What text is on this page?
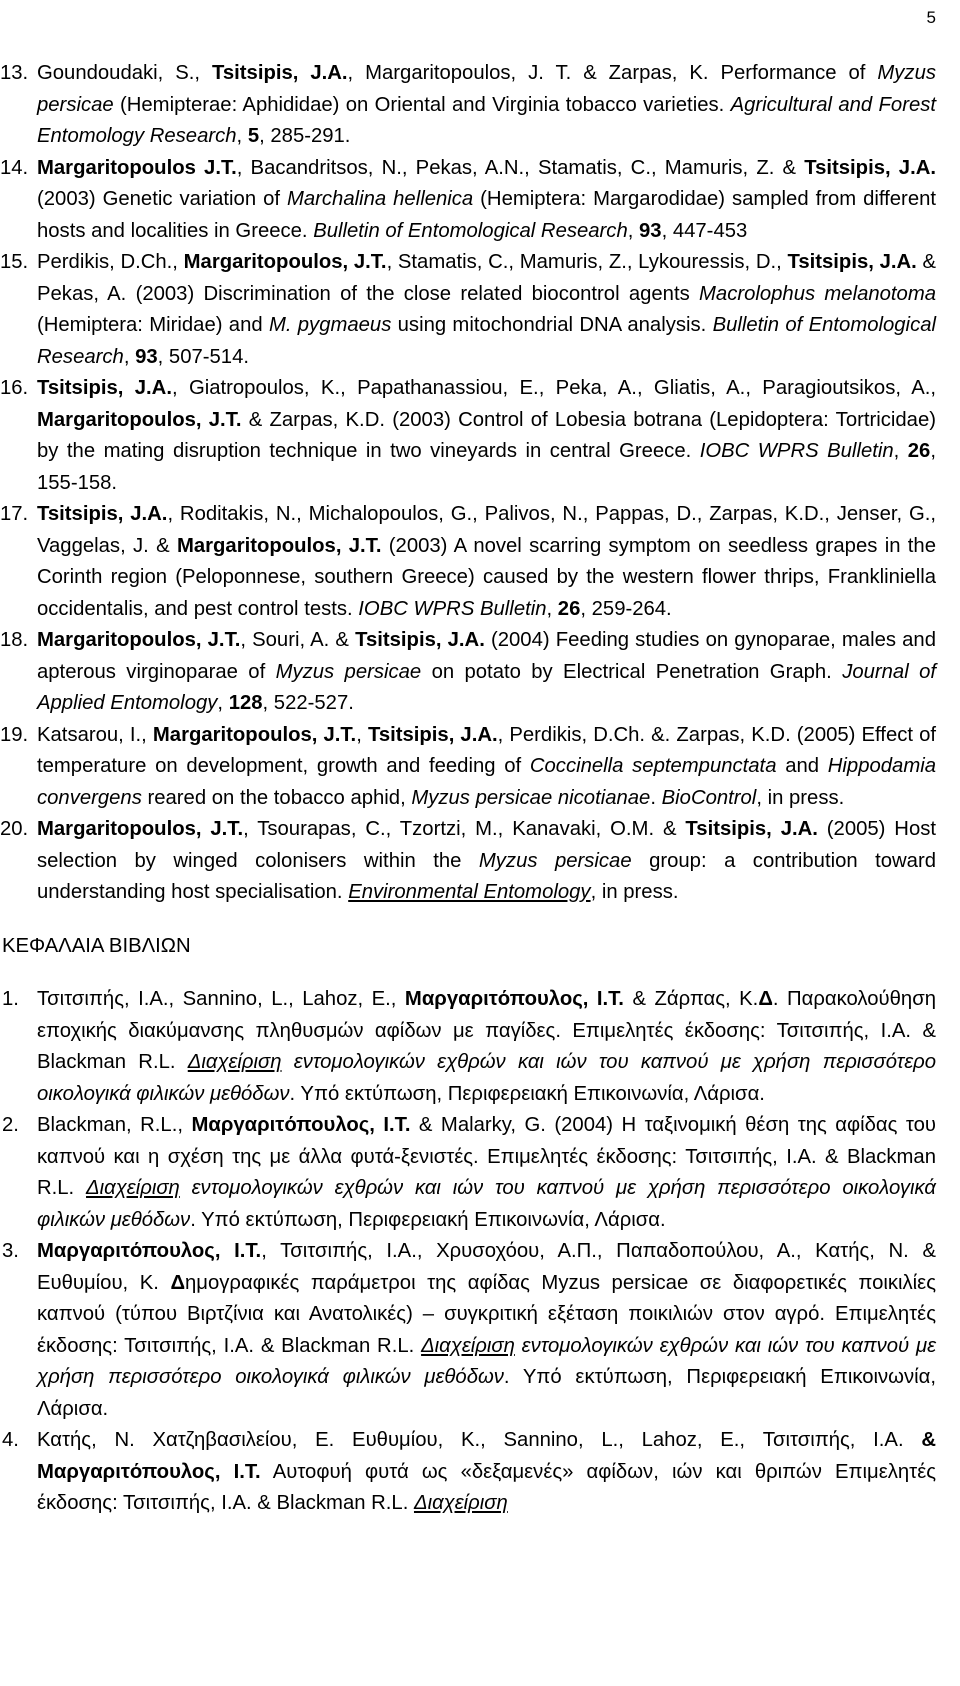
5
13. Goundoudaki, S., Tsitsipis, J.A., Margaritopoulos, J. T. & Zarpas, K. Performance of Myzus persicae (Hemipterae: Aphididae) on Oriental and Virginia tobacco varieties. Agricultural and Forest Entomology Research, 5, 285-291.
14. Margaritopoulos J.T., Bacandritsos, N., Pekas, A.N., Stamatis, C., Mamuris, Z. & Tsitsipis, J.A. (2003) Genetic variation of Marchalina hellenica (Hemiptera: Margarodidae) sampled from different hosts and localities in Greece. Bulletin of Entomological Research, 93, 447-453
15. Perdikis, D.Ch., Margaritopoulos, J.T., Stamatis, C., Mamuris, Z., Lykouressis, D., Tsitsipis, J.A. & Pekas, A. (2003) Discrimination of the close related biocontrol agents Macrolophus melanotoma (Hemiptera: Miridae) and M. pygmaeus using mitochondrial DNA analysis. Bulletin of Entomological Research, 93, 507-514.
16. Tsitsipis, J.A., Giatropoulos, K., Papathanassiou, E., Peka, A., Gliatis, A., Paragioutsikos, A., Margaritopoulos, J.T. & Zarpas, K.D. (2003) Control of Lobesia botrana (Lepidoptera: Tortricidae) by the mating disruption technique in two vineyards in central Greece. IOBC WPRS Bulletin, 26, 155-158.
17. Tsitsipis, J.A., Roditakis, N., Michalopoulos, G., Palivos, N., Pappas, D., Zarpas, K.D., Jenser, G., Vaggelas, J. & Margaritopoulos, J.T. (2003) A novel scarring symptom on seedless grapes in the Corinth region (Peloponnese, southern Greece) caused by the western flower thrips, Frankliniella occidentalis, and pest control tests. IOBC WPRS Bulletin, 26, 259-264.
18. Margaritopoulos, J.T., Souri, A. & Tsitsipis, J.A. (2004) Feeding studies on gynoparae, males and apterous virginoparae of Myzus persicae on potato by Electrical Penetration Graph. Journal of Applied Entomology, 128, 522-527.
19. Katsarou, I., Margaritopoulos, J.T., Tsitsipis, J.A., Perdikis, D.Ch. &. Zarpas, K.D. (2005) Effect of temperature on development, growth and feeding of Coccinella septempunctata and Hippodamia convergens reared on the tobacco aphid, Myzus persicae nicotianae. BioControl, in press.
20. Margaritopoulos, J.T., Tsourapas, C., Tzortzi, M., Kanavaki, O.M. & Tsitsipis, J.A. (2005) Host selection by winged colonisers within the Myzus persicae group: a contribution toward understanding host specialisation. Environmental Entomology, in press.
ΚΕΦΑΛΑΙΑ ΒΙΒΛΙΩΝ
1. Τσιτσιπής, Ι.Α., Sannino, L., Lahoz, E., Μαργαριτόπουλος, Ι.Τ. & Ζάρπας, Κ.Δ. Παρακολούθηση εποχικής διακύμανσης πληθυσμών αφίδων με παγίδες. Επιμελητές έκδοσης: Τσιτσιπής, Ι.Α. & Blackman R.L. Διαχείριση εντομολογικών εχθρών και ιών του καπνού με χρήση περισσότερο οικολογικά φιλικών μεθόδων. Υπό εκτύπωση, Περιφερειακή Επικοινωνία, Λάρισα.
2. Blackman, R.L., Μαργαριτόπουλος, Ι.Τ. & Malarky, G. (2004) Η ταξινομική θέση της αφίδας του καπνού και η σχέση της με άλλα φυτά-ξενιστές. Επιμελητές έκδοσης: Τσιτσιπής, Ι.Α. & Blackman R.L. Διαχείριση εντομολογικών εχθρών και ιών του καπνού με χρήση περισσότερο οικολογικά φιλικών μεθόδων. Υπό εκτύπωση, Περιφερειακή Επικοινωνία, Λάρισα.
3. Μαργαριτόπουλος, Ι.Τ., Τσιτσιπής, Ι.Α., Χρυσοχόου, Α.Π., Παπαδοπούλου, Α., Κατής, Ν. & Ευθυμίου, Κ. Δημογραφικές παράμετροι της αφίδας Myzus persicae σε διαφορετικές ποικιλίες καπνού (τύπου Βιρτζίνια και Ανατολικές) – συγκριτική εξέταση ποικιλιών στον αγρό. Επιμελητές έκδοσης: Τσιτσιπής, Ι.Α. & Blackman R.L. Διαχείριση εντομολογικών εχθρών και ιών του καπνού με χρήση περισσότερο οικολογικά φιλικών μεθόδων. Υπό εκτύπωση, Περιφερειακή Επικοινωνία, Λάρισα.
4. Κατής, Ν. Χατζηβασιλείου, Ε. Ευθυμίου, Κ., Sannino, L., Lahoz, E., Τσιτσιπής, Ι.Α. & Μαργαριτόπουλος, Ι.Τ. Αυτοφυή φυτά ως «δεξαμενές» αφίδων, ιών και θριπών Επιμελητές έκδοσης: Τσιτσιπής, Ι.Α. & Blackman R.L. Διαχείριση
